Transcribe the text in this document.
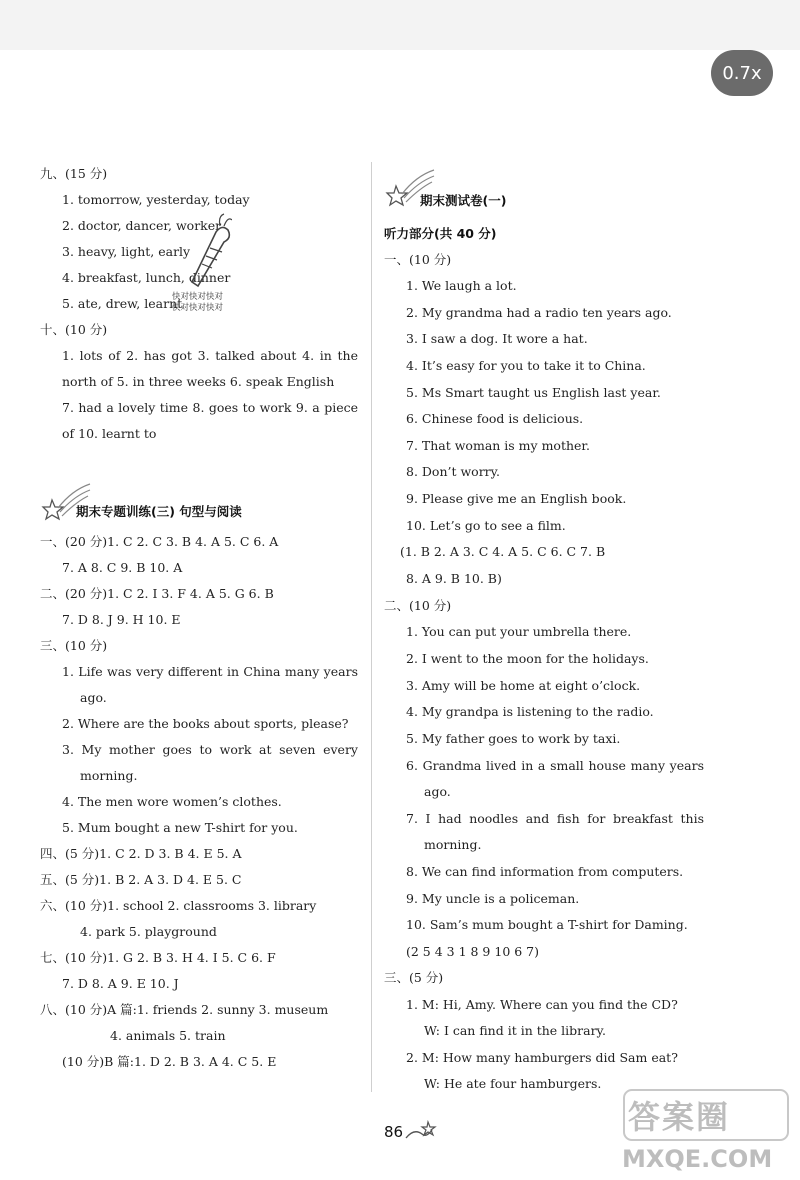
0.7x
九、(15 分)
1. tomorrow, yesterday, today
2. doctor, dancer, worker
3. heavy, light, early
4. breakfast, lunch, dinner
5. ate, drew, learnt
快对快对快对
快对快对快对
十、(10 分)
1. lots of 2. has got 3. talked about 4. in the
north of 5. in three weeks 6. speak English
7. had a lovely time 8. goes to work 9. a piece
of 10. learnt to
期末专题训练(三) 句型与阅读
一、(20 分)1. C 2. C 3. B 4. A 5. C 6. A
7. A 8. C 9. B 10. A
二、(20 分)1. C 2. I 3. F 4. A 5. G 6. B
7. D 8. J 9. H 10. E
三、(10 分)
1. Life was very different in China many years
ago.
2. Where are the books about sports, please?
3. My mother goes to work at seven every
morning.
4. The men wore women’s clothes.
5. Mum bought a new T-shirt for you.
四、(5 分)1. C 2. D 3. B 4. E 5. A
五、(5 分)1. B 2. A 3. D 4. E 5. C
六、(10 分)1. school 2. classrooms 3. library
4. park 5. playground
七、(10 分)1. G 2. B 3. H 4. I 5. C 6. F
7. D 8. A 9. E 10. J
八、(10 分)A 篇:1. friends 2. sunny 3. museum
4. animals 5. train
(10 分)B 篇:1. D 2. B 3. A 4. C 5. E
期末测试卷(一)
听力部分(共 40 分)
一、(10 分)
1. We laugh a lot.
2. My grandma had a radio ten years ago.
3. I saw a dog. It wore a hat.
4. It’s easy for you to take it to China.
5. Ms Smart taught us English last year.
6. Chinese food is delicious.
7. That woman is my mother.
8. Don’t worry.
9. Please give me an English book.
10. Let’s go to see a film.
(1. B 2. A 3. C 4. A 5. C 6. C 7. B
8. A 9. B 10. B)
二、(10 分)
1. You can put your umbrella there.
2. I went to the moon for the holidays.
3. Amy will be home at eight o’clock.
4. My grandpa is listening to the radio.
5. My father goes to work by taxi.
6. Grandma lived in a small house many years
ago.
7. I had noodles and fish for breakfast this
morning.
8. We can find information from computers.
9. My uncle is a policeman.
10. Sam’s mum bought a T-shirt for Daming.
(2 5 4 3 1 8 9 10 6 7)
三、(5 分)
1. M: Hi, Amy. Where can you find the CD?
W: I can find it in the library.
2. M: How many hamburgers did Sam eat?
W: He ate four hamburgers.
86	答案圈
MXQE.COM
